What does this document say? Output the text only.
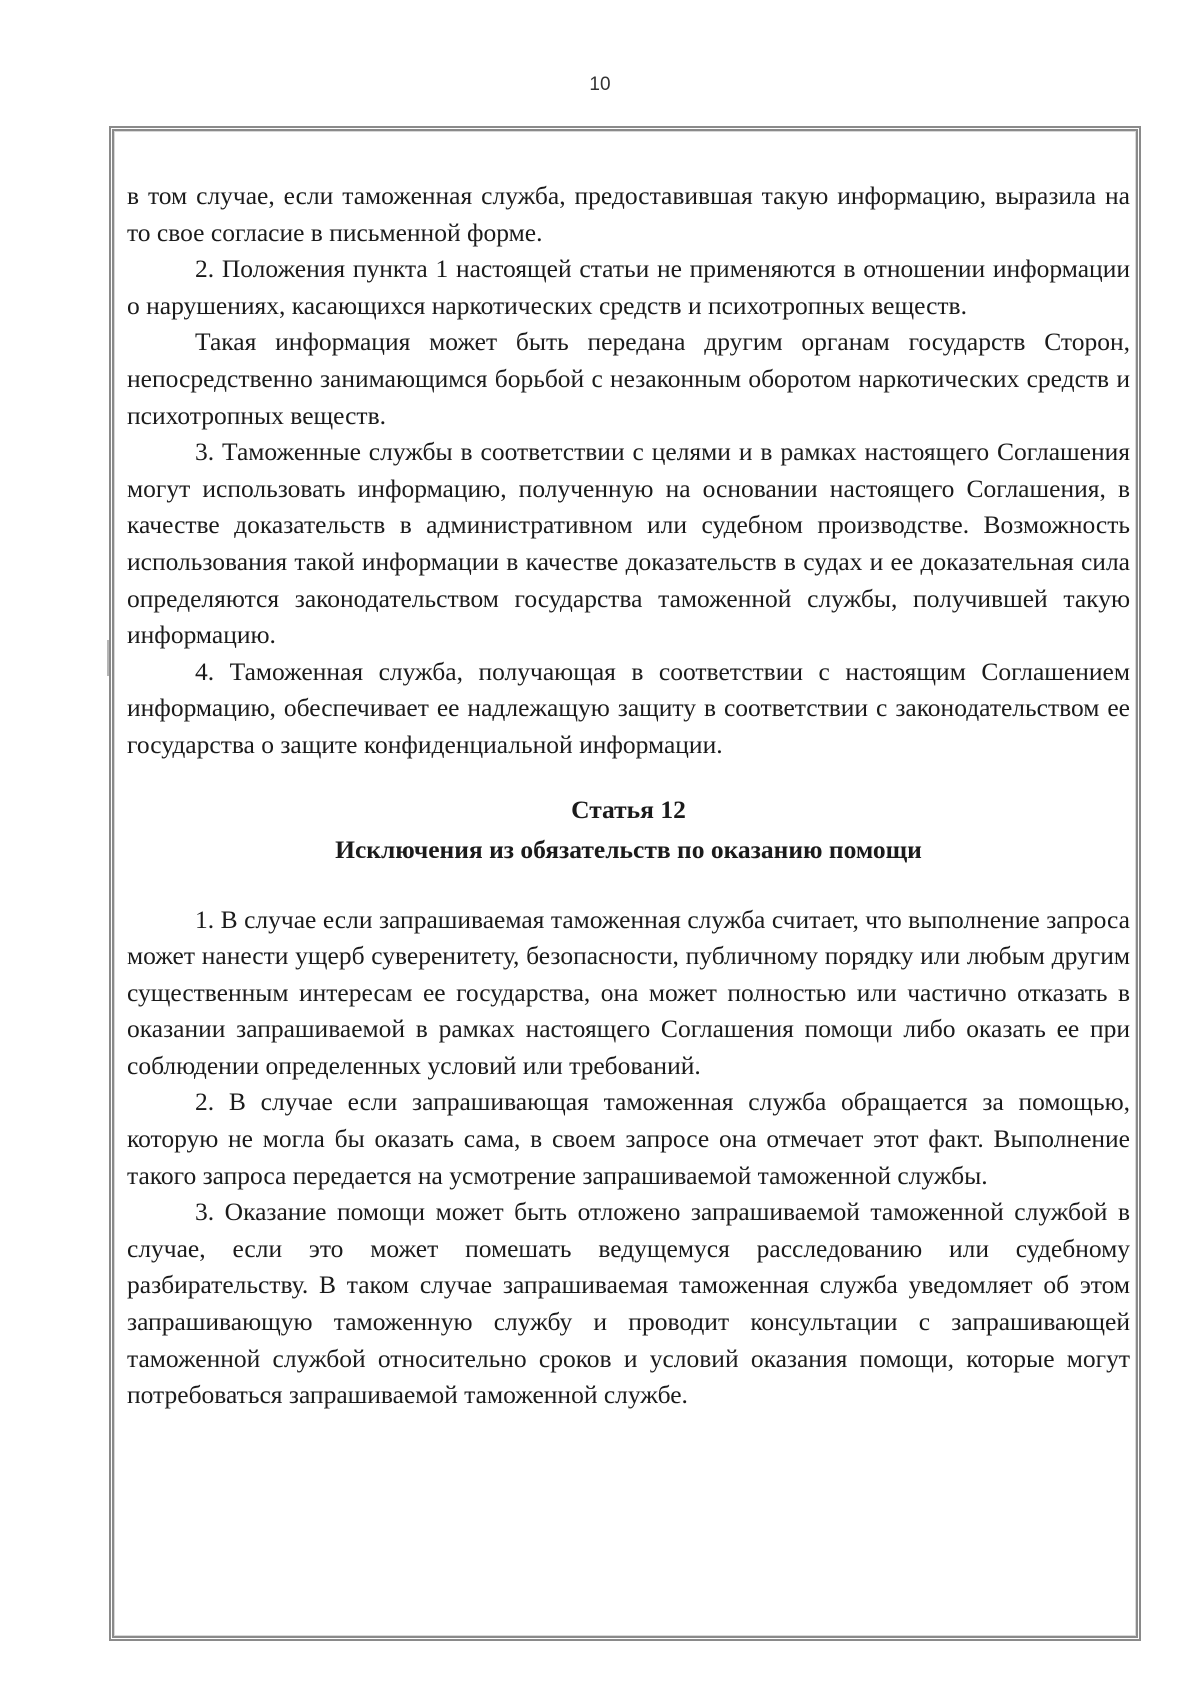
10

в том случае, если таможенная служба, предоставившая такую информацию, выразила на то свое согласие в письменной форме.

2. Положения пункта 1 настоящей статьи не применяются в отношении информации о нарушениях, касающихся наркотических средств и психотропных веществ.

Такая информация может быть передана другим органам государств Сторон, непосредственно занимающимся борьбой с незаконным оборотом наркотических средств и психотропных веществ.

3. Таможенные службы в соответствии с целями и в рамках настоящего Соглашения могут использовать информацию, полученную на основании настоящего Соглашения, в качестве доказательств в административном или судебном производстве. Возможность использования такой информации в качестве доказательств в судах и ее доказательная сила определяются законодательством государства таможенной службы, получившей такую информацию.

4. Таможенная служба, получающая в соответствии с настоящим Соглашением информацию, обеспечивает ее надлежащую защиту в соответствии с законодательством ее государства о защите конфиденциальной информации.

Статья 12
Исключения из обязательств по оказанию помощи

1. В случае если запрашиваемая таможенная служба считает, что выполнение запроса может нанести ущерб суверенитету, безопасности, публичному порядку или любым другим существенным интересам ее государства, она может полностью или частично отказать в оказании запрашиваемой в рамках настоящего Соглашения помощи либо оказать ее при соблюдении определенных условий или требований.

2. В случае если запрашивающая таможенная служба обращается за помощью, которую не могла бы оказать сама, в своем запросе она отмечает этот факт. Выполнение такого запроса передается на усмотрение запрашиваемой таможенной службы.

3. Оказание помощи может быть отложено запрашиваемой таможенной службой в случае, если это может помешать ведущемуся расследованию или судебному разбирательству. В таком случае запрашиваемая таможенная служба уведомляет об этом запрашивающую таможенную службу и проводит консультации с запрашивающей таможенной службой относительно сроков и условий оказания помощи, которые могут потребоваться запрашиваемой таможенной службе.
